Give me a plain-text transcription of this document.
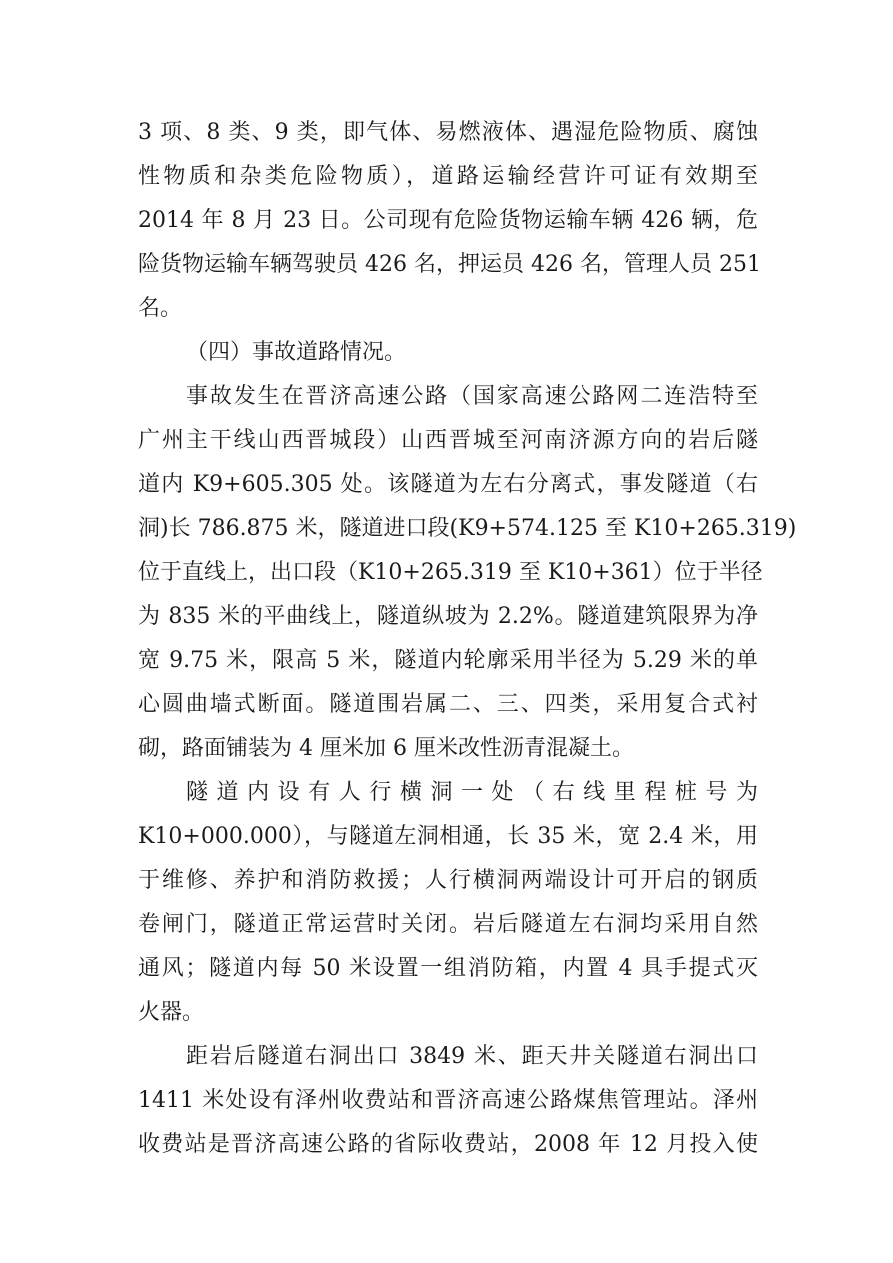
3 项、8 类、9 类，即气体、易燃液体、遇湿危险物质、腐蚀
性物质和杂类危险物质），道路运输经营许可证有效期至
2014 年 8 月 23 日。公司现有危险货物运输车辆 426 辆，危
险货物运输车辆驾驶员 426 名，押运员 426 名，管理人员 251
名。
（四）事故道路情况。
事故发生在晋济高速公路（国家高速公路网二连浩特至
广州主干线山西晋城段）山西晋城至河南济源方向的岩后隧
道内 K9+605.305 处。该隧道为左右分离式，事发隧道（右
洞)长 786.875 米，隧道进口段(K9+574.125 至 K10+265.319)
位于直线上，出口段（K10+265.319 至 K10+361）位于半径
为 835 米的平曲线上，隧道纵坡为 2.2%。隧道建筑限界为净
宽 9.75 米，限高 5 米，隧道内轮廓采用半径为 5.29 米的单
心圆曲墙式断面。隧道围岩属二、三、四类，采用复合式衬
砌，路面铺装为 4 厘米加 6 厘米改性沥青混凝土。
隧道内设有人行横洞一处（右线里程桩号为
K10+000.000），与隧道左洞相通，长 35 米，宽 2.4 米，用
于维修、养护和消防救援；人行横洞两端设计可开启的钢质
卷闸门，隧道正常运营时关闭。岩后隧道左右洞均采用自然
通风；隧道内每 50 米设置一组消防箱，内置 4 具手提式灭
火器。
距岩后隧道右洞出口 3849 米、距天井关隧道右洞出口
1411 米处设有泽州收费站和晋济高速公路煤焦管理站。泽州
收费站是晋济高速公路的省际收费站，2008 年 12 月投入使
